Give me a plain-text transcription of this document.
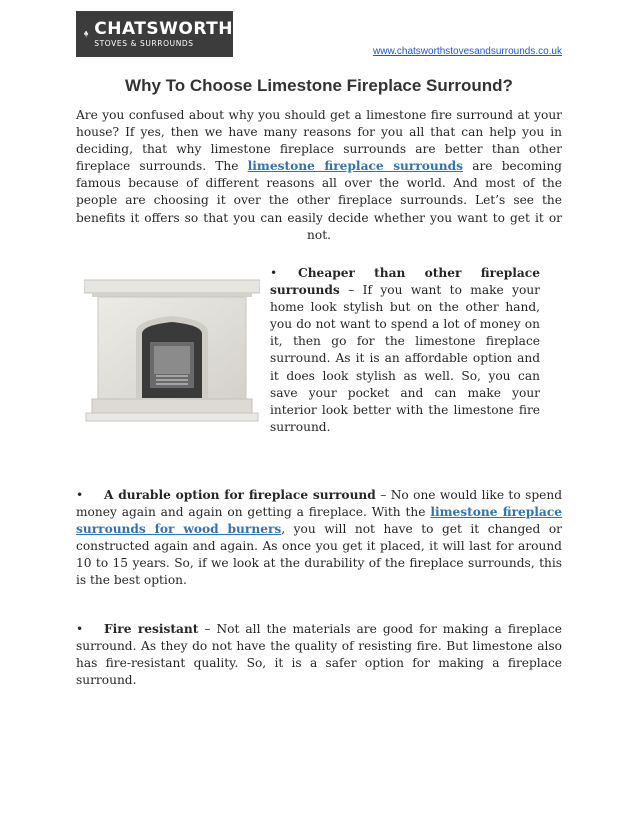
CHATSWORTH
STOVES & SURROUNDS
www.chatsworthstovesandsurrounds.co.uk
Why To Choose Limestone Fireplace Surround?

Are you confused about why you should get a limestone fire surround at your house? If yes, then we have many reasons for you all that can help you in deciding, that why limestone fireplace surrounds are better than other fireplace surrounds. The limestone fireplace surrounds are becoming famous because of different reasons all over the world. And most of the people are choosing it over the other fireplace surrounds. Let’s see the benefits it offers so that you can easily decide whether you want to get it or not.

• Cheaper than other fireplace surrounds – If you want to make your home look stylish but on the other hand, you do not want to spend a lot of money on it, then go for the limestone fireplace surround. As it is an affordable option and it does look stylish as well. So, you can save your pocket and can make your interior look better with the limestone fire surround.

• A durable option for fireplace surround – No one would like to spend money again and again on getting a fireplace. With the limestone fireplace surrounds for wood burners, you will not have to get it changed or constructed again and again. As once you get it placed, it will last for around 10 to 15 years. So, if we look at the durability of the fireplace surrounds, this is the best option.

• Fire resistant – Not all the materials are good for making a fireplace surround. As they do not have the quality of resisting fire. But limestone also has fire-resistant quality. So, it is a safer option for making a fireplace surround.
